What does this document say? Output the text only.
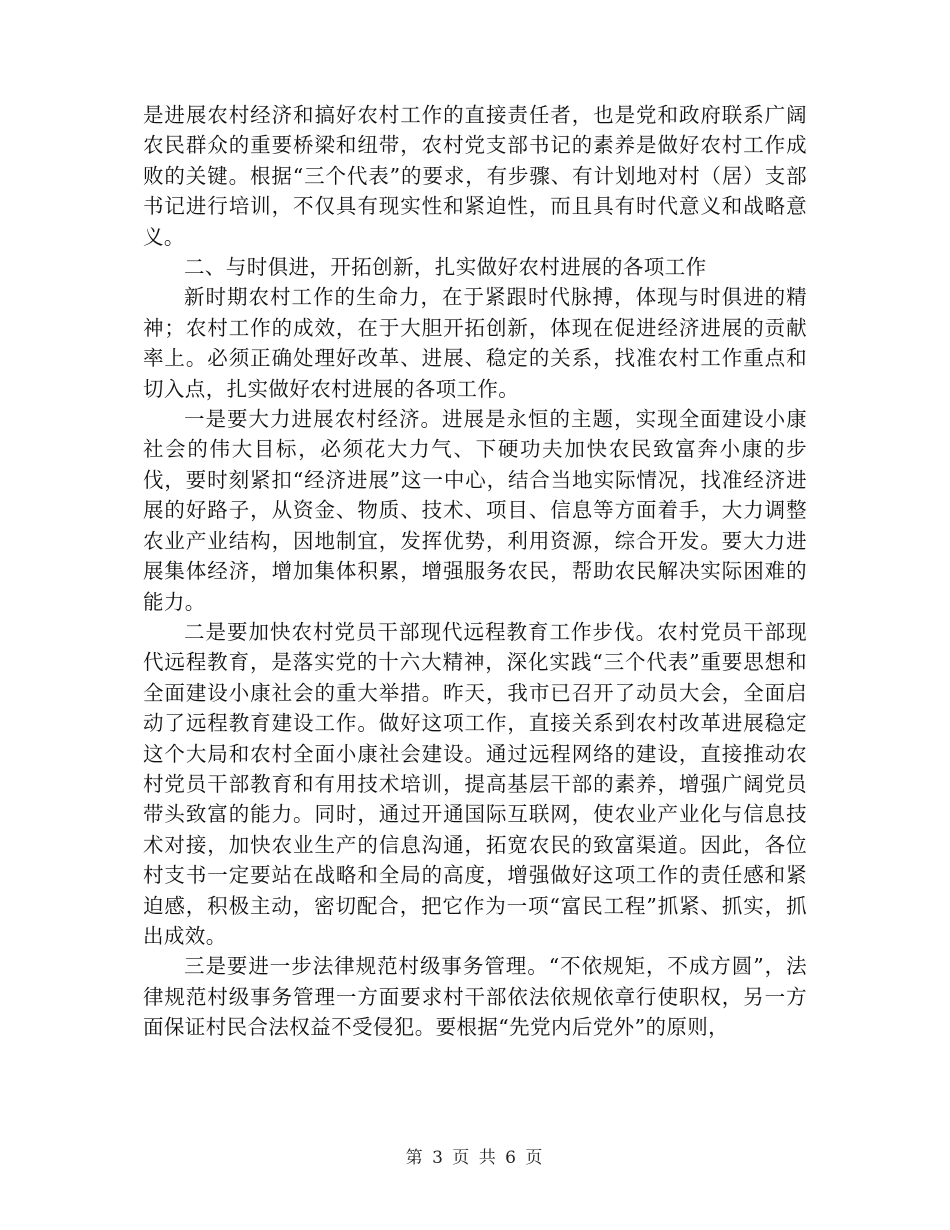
是进展农村经济和搞好农村工作的直接责任者，也是党和政府联系广阔农民群众的重要桥梁和纽带，农村党支部书记的素养是做好农村工作成败的关键。根据“三个代表”的要求，有步骤、有计划地对村（居）支部书记进行培训，不仅具有现实性和紧迫性，而且具有时代意义和战略意义。

二、与时俱进，开拓创新，扎实做好农村进展的各项工作

新时期农村工作的生命力，在于紧跟时代脉搏，体现与时俱进的精神；农村工作的成效，在于大胆开拓创新，体现在促进经济进展的贡献率上。必须正确处理好改革、进展、稳定的关系，找准农村工作重点和切入点，扎实做好农村进展的各项工作。

一是要大力进展农村经济。进展是永恒的主题，实现全面建设小康社会的伟大目标，必须花大力气、下硬功夫加快农民致富奔小康的步伐，要时刻紧扣“经济进展”这一中心，结合当地实际情况，找准经济进展的好路子，从资金、物质、技术、项目、信息等方面着手，大力调整农业产业结构，因地制宜，发挥优势，利用资源，综合开发。要大力进展集体经济，增加集体积累，增强服务农民，帮助农民解决实际困难的能力。

二是要加快农村党员干部现代远程教育工作步伐。农村党员干部现代远程教育，是落实党的十六大精神，深化实践“三个代表”重要思想和全面建设小康社会的重大举措。昨天，我市已召开了动员大会，全面启动了远程教育建设工作。做好这项工作，直接关系到农村改革进展稳定这个大局和农村全面小康社会建设。通过远程网络的建设，直接推动农村党员干部教育和有用技术培训，提高基层干部的素养，增强广阔党员带头致富的能力。同时，通过开通国际互联网，使农业产业化与信息技术对接，加快农业生产的信息沟通，拓宽农民的致富渠道。因此，各位村支书一定要站在战略和全局的高度，增强做好这项工作的责任感和紧迫感，积极主动，密切配合，把它作为一项“富民工程”抓紧、抓实，抓出成效。

三是要进一步法律规范村级事务管理。“不依规矩，不成方圆”，法律规范村级事务管理一方面要求村干部依法依规依章行使职权，另一方面保证村民合法权益不受侵犯。要根据“先党内后党外”的原则，

第 3 页 共 6 页
